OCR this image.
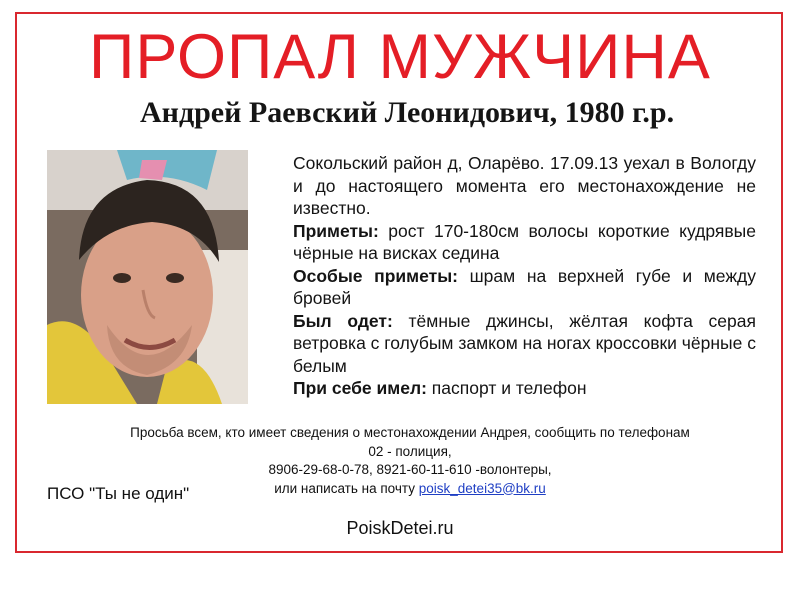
ПРОПАЛ МУЖЧИНА
Андрей Раевский Леонидович, 1980 г.р.

Сокольский район д, Оларёво. 17.09.13 уехал в Вологду и до настоящего момента его местонахождение не известно.

Приметы: рост 170-180см волосы короткие кудрявые чёрные на висках седина

Особые приметы: шрам на верхней губе и между бровей

Был одет: тёмные джинсы, жёлтая кофта серая ветровка с голубым замком на ногах кроссовки чёрные с белым

При себе имел: паспорт и телефон

Просьба всем, кто имеет сведения о местонахождении Андрея, сообщить по телефонам
02 - полиция,
8906-29-68-0-78, 8921-60-11-610 -волонтеры,
или написать на почту poisk_detei35@bk.ru
ПСО "Ты не один"
PoiskDetei.ru
